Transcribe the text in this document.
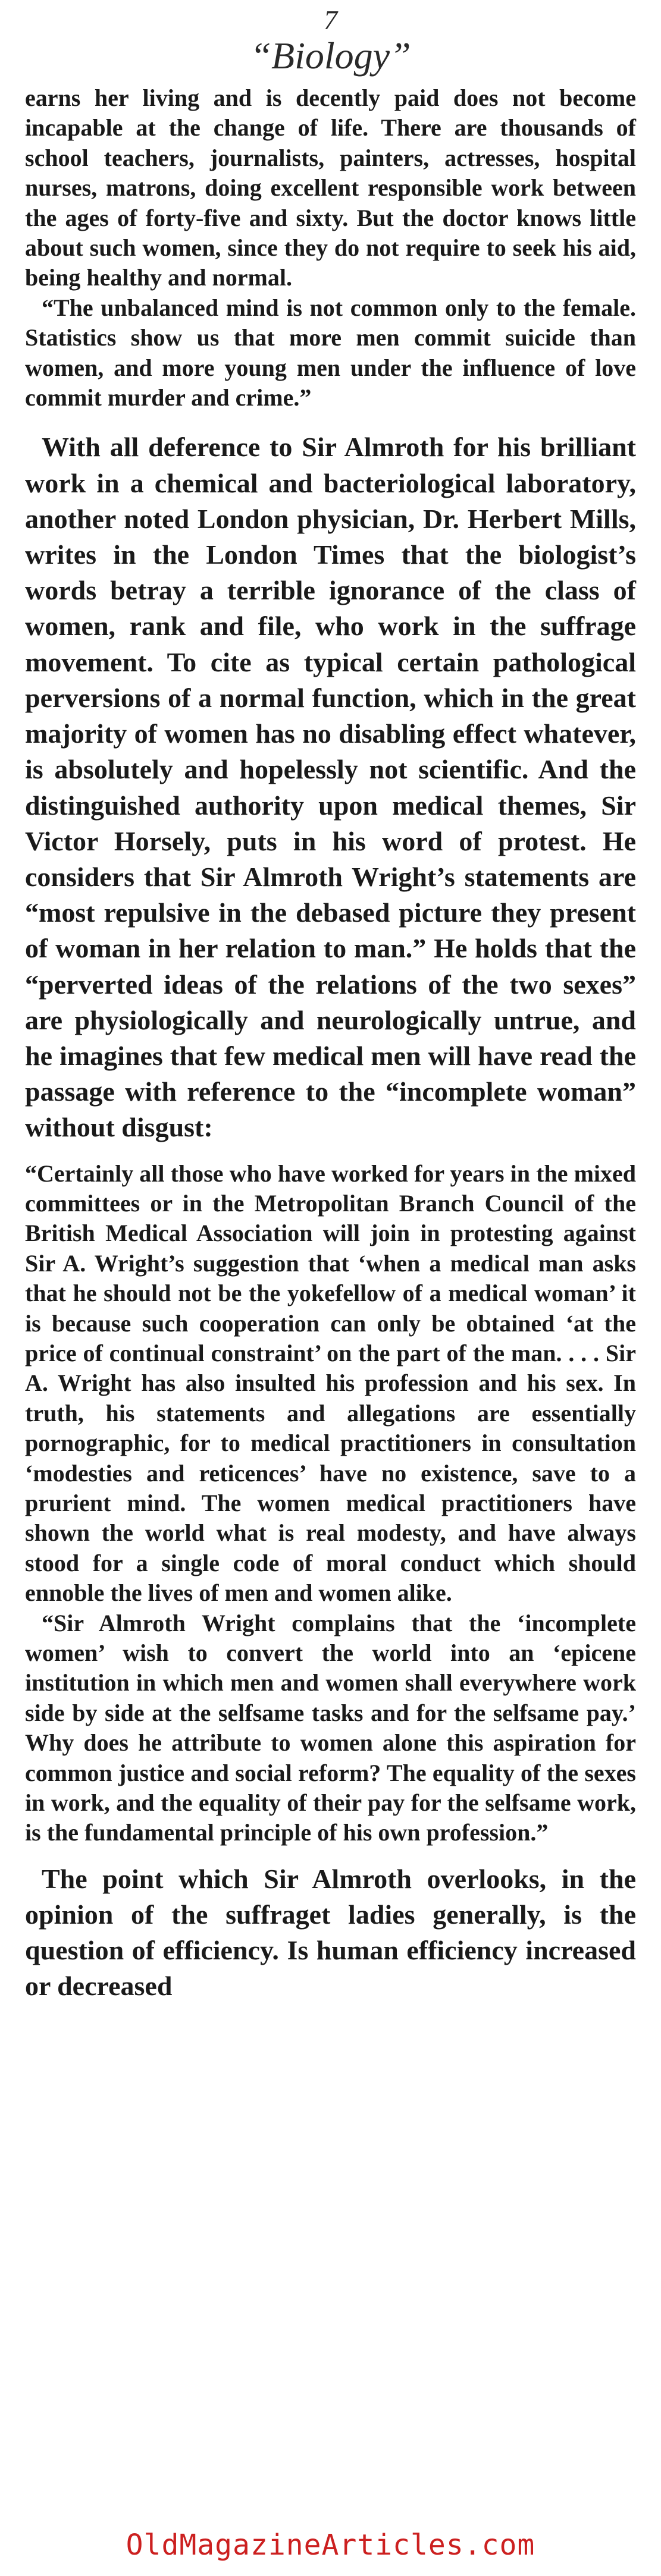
7
“Biology”

earns her living and is decently paid does not become incapable at the change of life. There are thousands of school teachers, journalists, painters, actresses, hospital nurses, matrons, doing excellent responsible work between the ages of forty-five and sixty. But the doctor knows little about such women, since they do not require to seek his aid, being healthy and normal.

“The unbalanced mind is not common only to the female. Statistics show us that more men commit suicide than women, and more young men under the influence of love commit murder and crime.”

With all deference to Sir Almroth for his brilliant work in a chemical and bacteriological laboratory, another noted London physician, Dr. Herbert Mills, writes in the London Times that the biologist’s words betray a terrible ignorance of the class of women, rank and file, who work in the suffrage movement. To cite as typical certain pathological perversions of a normal function, which in the great majority of women has no disabling effect whatever, is absolutely and hopelessly not scientific. And the distinguished authority upon medical themes, Sir Victor Horsely, puts in his word of protest. He considers that Sir Almroth Wright’s statements are “most repulsive in the debased picture they present of woman in her relation to man.” He holds that the “perverted ideas of the relations of the two sexes” are physiologically and neurologically untrue, and he imagines that few medical men will have read the passage with reference to the “incomplete woman” without disgust:

“Certainly all those who have worked for years in the mixed committees or in the Metropolitan Branch Council of the British Medical Association will join in protesting against Sir A. Wright’s suggestion that ‘when a medical man asks that he should not be the yokefellow of a medical woman’ it is because such cooperation can only be obtained ‘at the price of continual constraint’ on the part of the man. . . . Sir A. Wright has also insulted his profession and his sex. In truth, his statements and allegations are essentially pornographic, for to medical practitioners in consultation ‘modesties and reticences’ have no existence, save to a prurient mind. The women medical practitioners have shown the world what is real modesty, and have always stood for a single code of moral conduct which should ennoble the lives of men and women alike.

“Sir Almroth Wright complains that the ‘incomplete women’ wish to convert the world into an ‘epicene institution in which men and women shall everywhere work side by side at the selfsame tasks and for the selfsame pay.’ Why does he attribute to women alone this aspiration for common justice and social reform? The equality of the sexes in work, and the equality of their pay for the selfsame work, is the fundamental principle of his own profession.”

The point which Sir Almroth overlooks, in the opinion of the suffraget ladies generally, is the question of efficiency. Is human efficiency increased or decreased

OldMagazineArticles.com
